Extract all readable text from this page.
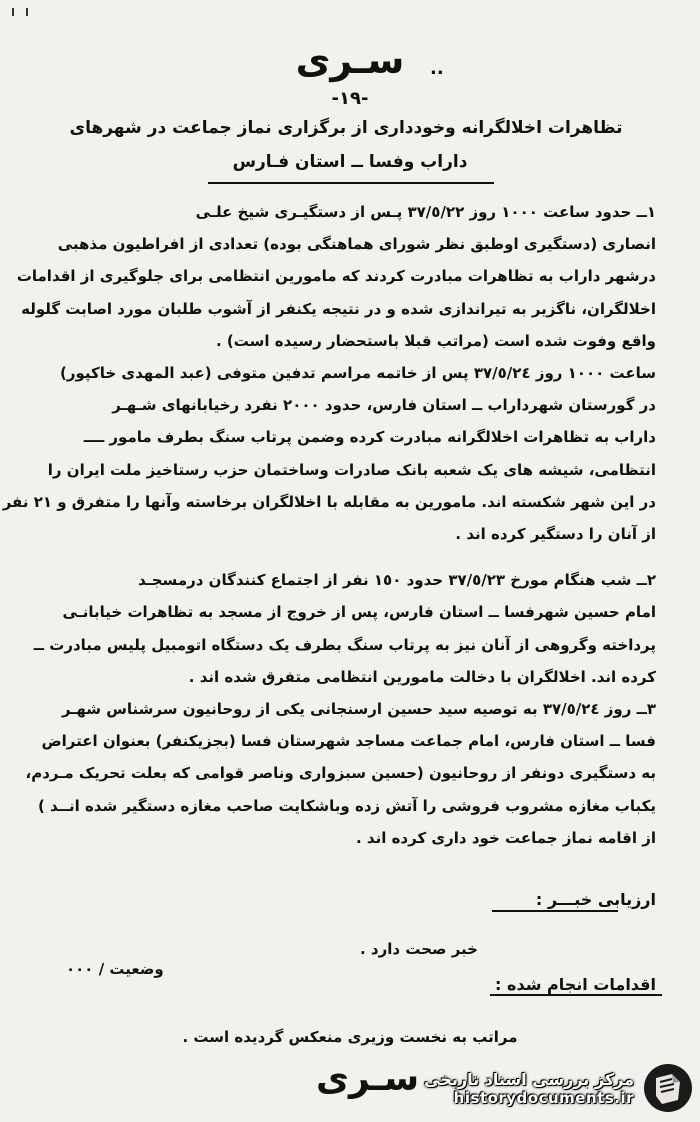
سـری	..
-١٩-
تظاهرات اخلالگرانه وخودداری از برگزاری نماز جماعت در شهرهای
داراب وفسا ــ استان فـارس

١ــ حدود ساعت ١٠٠٠ روز ٣٧/٥/٢٢ پـس از دستگیـری شیخ علـی
انصاری (دستگیری اوطبق نظر شورای هماهنگی بوده) تعدادی از افراطیون مذهبی
درشهر داراب به تظاهرات مبادرت کردند که مامورین انتظامی برای جلوگیری از اقدامات
اخلالگران، ناگزیر به تیراندازی شده و در نتیجه یکنفر از آشوب طلبان مورد اصابت گلوله
واقع وفوت شده است (مراتب قبلا باستحضار رسیده است) .

ساعت ١٠٠٠ روز ٣٧/٥/٢٤ پس از خاتمه مراسم تدفین متوفی (عبد المهدی خاکپور)
در گورستان شهرداراب ــ استان فارس، حدود ٢٠٠٠ نفرد رخیابانهای شـهـر
داراب به تظاهرات اخلالگرانه مبادرت کرده وضمن پرتاب سنگ بطرف مامور ــــ
انتظامی، شیشه های یک شعبه بانک صادرات وساختمان حزب رستاخیز ملت ایران را
در این شهر شکسته اند. مامورین به مقابله با اخلالگران برخاسته وآنها را متفرق و ٢١ نفر
از آنان را دستگیر کرده اند .

٢ــ شب هنگام مورخ ٣٧/٥/٢٣ حدود ١٥٠ نفر از اجتماع کنندگان درمسجـد
امام حسین شهرفسا ــ استان فارس، پس از خروج از مسجد به تظاهرات خیابانـی
پرداخته وگروهی از آنان نیز به پرتاب سنگ بطرف یک دستگاه اتومبیل پلیس مبادرت ــ
کرده اند. اخلالگران با دخالت مامورین انتظامی متفرق شده اند .

٣ــ روز ٣٧/٥/٢٤ به توصیه سید حسین ارسنجانی یکی از روحانیون سرشناس شهـر
فسا ــ استان فارس، امام جماعت مساجد شهرستان فسا (بجزیکنفر) بعنوان اعتراض
به دستگیری دونفر از روحانیون (حسین سبزواری وناصر قوامی که بعلت تحریک مـردم،
یکباب مغازه مشروب فروشی را آتش زده وباشکایت صاحب مغازه دستگیر شده انــد )
از اقامه نماز جماعت خود داری کرده اند .

ارزیابی خبـــر :
خبر صحت دارد .
وضعیت / ۰۰۰
اقدامات انجام شده :
مراتب به نخست وزیری منعکس گردیده است .
سـری مرکز بررسی اسناد تاریخی
historydocuments.ir
